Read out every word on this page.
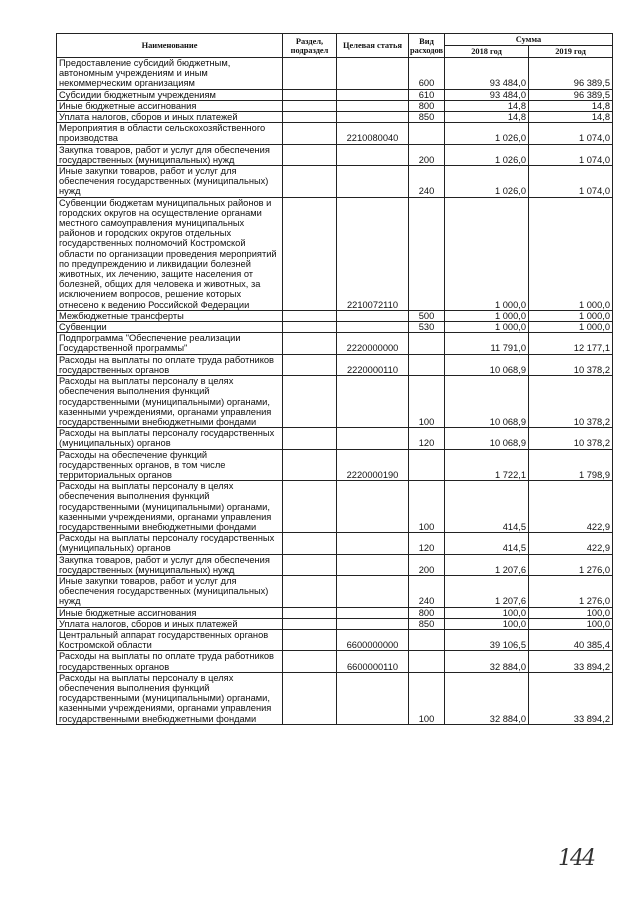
Наименование	Раздел, подраздел	Целевая статья	Вид расходов	Сумма	
				2018 год	2019 год
Предоставление субсидий бюджетным, автономным учреждениям и иным некоммерческим организациям			600	93 484,0	96 389,5
Субсидии бюджетным учреждениям			610	93 484,0	96 389,5
Иные бюджетные ассигнования			800	14,8	14,8
Уплата налогов, сборов и иных платежей			850	14,8	14,8
Мероприятия в области сельскохозяйственного производства		2210080040		1 026,0	1 074,0
Закупка товаров, работ и услуг для обеспечения государственных (муниципальных) нужд			200	1 026,0	1 074,0
Иные закупки товаров, работ и услуг для обеспечения государственных (муниципальных) нужд			240	1 026,0	1 074,0
Субвенции бюджетам муниципальных районов и городских округов на осуществление органами местного самоуправления муниципальных районов и городских округов отдельных государственных полномочий Костромской области по организации проведения мероприятий по предупреждению и ликвидации болезней животных, их лечению, защите населения от болезней, общих для человека и животных, за исключением вопросов, решение которых отнесено к ведению Российской Федерации		2210072110		1 000,0	1 000,0
Межбюджетные трансферты			500	1 000,0	1 000,0
Субвенции			530	1 000,0	1 000,0
Подпрограмма "Обеспечение реализации Государственной программы"		2220000000		11 791,0	12 177,1
Расходы на выплаты по оплате труда работников государственных органов		2220000110		10 068,9	10 378,2
Расходы на выплаты персоналу в целях обеспечения выполнения функций государственными (муниципальными) органами, казенными учреждениями, органами управления государственными внебюджетными фондами			100	10 068,9	10 378,2
Расходы на выплаты персоналу государственных (муниципальных) органов			120	10 068,9	10 378,2
Расходы на обеспечение функций государственных органов, в том числе территориальных органов		2220000190		1 722,1	1 798,9
Расходы на выплаты персоналу в целях обеспечения выполнения функций государственными (муниципальными) органами, казенными учреждениями, органами управления государственными внебюджетными фондами			100	414,5	422,9
Расходы на выплаты персоналу государственных (муниципальных) органов			120	414,5	422,9
Закупка товаров, работ и услуг для обеспечения государственных (муниципальных) нужд			200	1 207,6	1 276,0
Иные закупки товаров, работ и услуг для обеспечения государственных (муниципальных) нужд			240	1 207,6	1 276,0
Иные бюджетные ассигнования			800	100,0	100,0
Уплата налогов, сборов и иных платежей			850	100,0	100,0
Центральный аппарат государственных органов Костромской области		6600000000		39 106,5	40 385,4
Расходы на выплаты по оплате труда работников государственных органов		6600000110		32 884,0	33 894,2
Расходы на выплаты персоналу в целях обеспечения выполнения функций государственными (муниципальными) органами, казенными учреждениями, органами управления государственными внебюджетными фондами			100	32 884,0	33 894,2
144
